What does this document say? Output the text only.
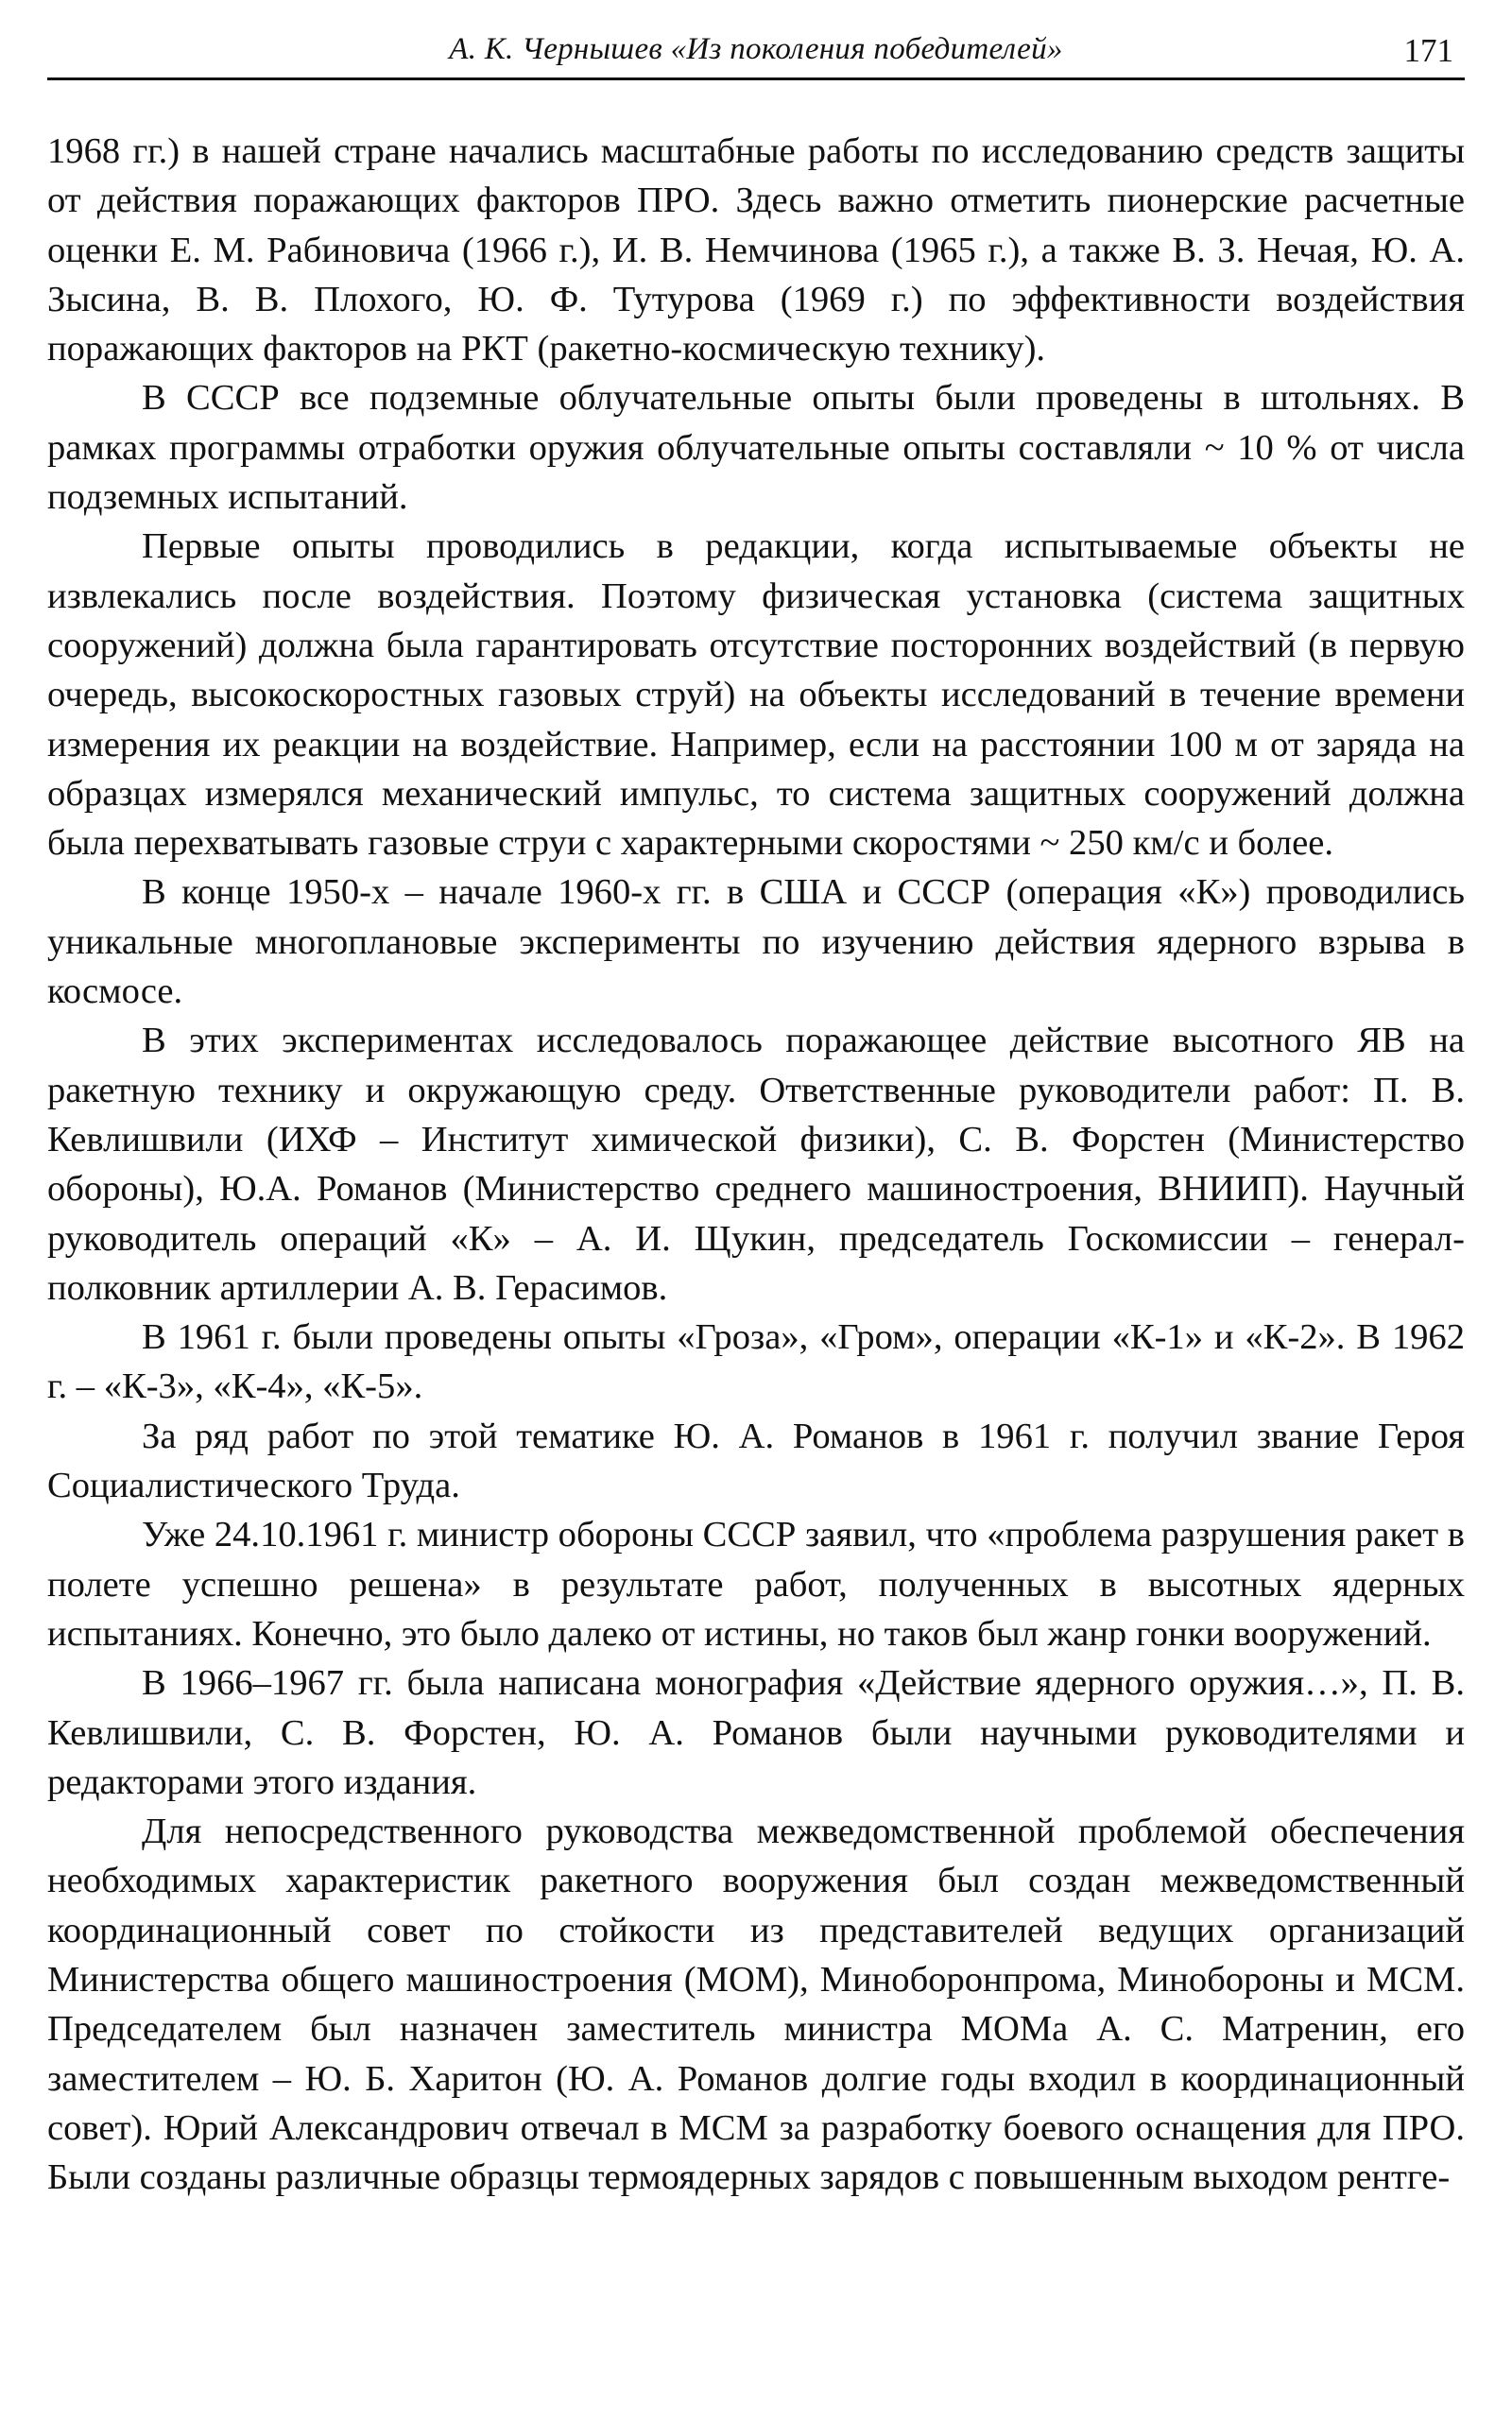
А. К. Чернышев «Из поколения победителей»	171

1968 гг.) в нашей стране начались масштабные работы по исследованию средств защиты от действия поражающих факторов ПРО. Здесь важно отметить пионерские расчетные оценки Е. М. Рабиновича (1966 г.), И. В. Немчинова (1965 г.), а также В. З. Нечая, Ю. А. Зысина, В. В. Плохого, Ю. Ф. Тутурова (1969 г.) по эффективности воздействия поражающих факторов на РКТ (ракетно-космическую технику).

В СССР все подземные облучательные опыты были проведены в штольнях. В рамках программы отработки оружия облучательные опыты составляли ~ 10 % от числа подземных испытаний.

Первые опыты проводились в редакции, когда испытываемые объекты не извлекались после воздействия. Поэтому физическая установка (система защитных сооружений) должна была гарантировать отсутствие посторонних воздействий (в первую очередь, высокоскоростных газовых струй) на объекты исследований в течение времени измерения их реакции на воздействие. Например, если на расстоянии 100 м от заряда на образцах измерялся механический импульс, то система защитных сооружений должна была перехватывать газовые струи с характерными скоростями ~ 250 км/с и более.

В конце 1950-х – начале 1960-х гг. в США и СССР (операция «К») проводились уникальные многоплановые эксперименты по изучению действия ядерного взрыва в космосе.

В этих экспериментах исследовалось поражающее действие высотного ЯВ на ракетную технику и окружающую среду. Ответственные руководители работ: П. В. Кевлишвили (ИХФ – Институт химической физики), С. В. Форстен (Министерство обороны), Ю.А. Романов (Министерство среднего машиностроения, ВНИИП). Научный руководитель операций «К» – А. И. Щукин, председатель Госкомиссии – генерал-полковник артиллерии А. В. Герасимов.

В 1961 г. были проведены опыты «Гроза», «Гром», операции «К-1» и «К-2». В 1962 г. – «К-3», «К-4», «К-5».

За ряд работ по этой тематике Ю. А. Романов в 1961 г. получил звание Героя Социалистического Труда.

Уже 24.10.1961 г. министр обороны СССР заявил, что «проблема разрушения ракет в полете успешно решена» в результате работ, полученных в высотных ядерных испытаниях. Конечно, это было далеко от истины, но таков был жанр гонки вооружений.

В 1966–1967 гг. была написана монография «Действие ядерного оружия…», П. В. Кевлишвили, С. В. Форстен, Ю. А. Романов были научными руководителями и редакторами этого издания.

Для непосредственного руководства межведомственной проблемой обеспечения необходимых характеристик ракетного вооружения был создан межведомственный координационный совет по стойкости из представителей ведущих организаций Министерства общего машиностроения (МОМ), Минобоpонпрома, Минобороны и МСМ. Председателем был назначен заместитель министра МОМа А. С. Матренин, его заместителем – Ю. Б. Харитон (Ю. А. Романов долгие годы входил в координационный совет). Юрий Александрович отвечал в МСМ за разработку боевого оснащения для ПРО. Были созданы различные образцы термоядерных зарядов с повышенным выходом рентге-
